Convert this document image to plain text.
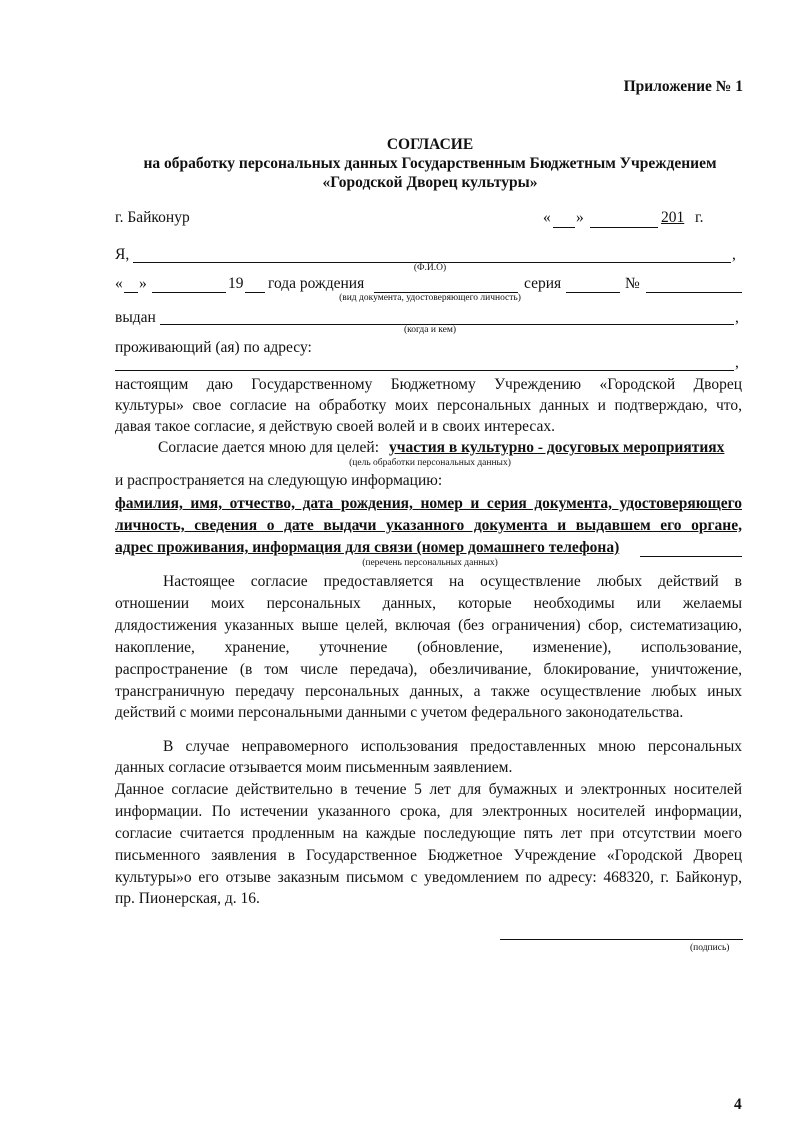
Приложение № 1
СОГЛАСИЕ
на обработку персональных данных Государственным Бюджетным Учреждением
«Городской Дворец культуры»
г. Байконур	« »	201 г.
Я,	,
(Ф.И.О)
« »	19 года рождения	серия	№
(вид документа, удостоверяющего личность)
выдан	,
(когда и кем)
проживающий (ая) по адресу:
,
настоящим даю Государственному Бюджетному Учреждению «Городской Дворец
культуры» свое согласие на обработку моих персональных данных и подтверждаю, что,
давая такое согласие, я действую своей волей и в своих интересах.
Согласие дается мною для целей: участия в культурно - досуговых мероприятиях
(цель обработки персональных данных)
и распространяется на следующую информацию:
фамилия, имя, отчество, дата рождения, номер и серия документа, удостоверяющего
личность, сведения о дате выдачи указанного документа и выдавшем его органе,
адрес проживания, информация для связи (номер домашнего телефона)
(перечень персональных данных)
Настоящее согласие предоставляется на осуществление любых действий в
отношении моих персональных данных, которые необходимы или желаемы
длядостижения указанных выше целей, включая (без ограничения) сбор, систематизацию,
накопление, хранение, уточнение (обновление, изменение), использование,
распространение (в том числе передача), обезличивание, блокирование, уничтожение,
трансграничную передачу персональных данных, а также осуществление любых иных
действий с моими персональными данными с учетом федерального законодательства.
В случае неправомерного использования предоставленных мною персональных
данных согласие отзывается моим письменным заявлением.
Данное согласие действительно в течение 5 лет для бумажных и электронных носителей
информации. По истечении указанного срока, для электронных носителей информации,
согласие считается продленным на каждые последующие пять лет при отсутствии моего
письменного заявления в Государственное Бюджетное Учреждение «Городской Дворец
культуры»о его отзыве заказным письмом с уведомлением по адресу: 468320, г. Байконур,
пр. Пионерская, д. 16.
(подпись)
4
